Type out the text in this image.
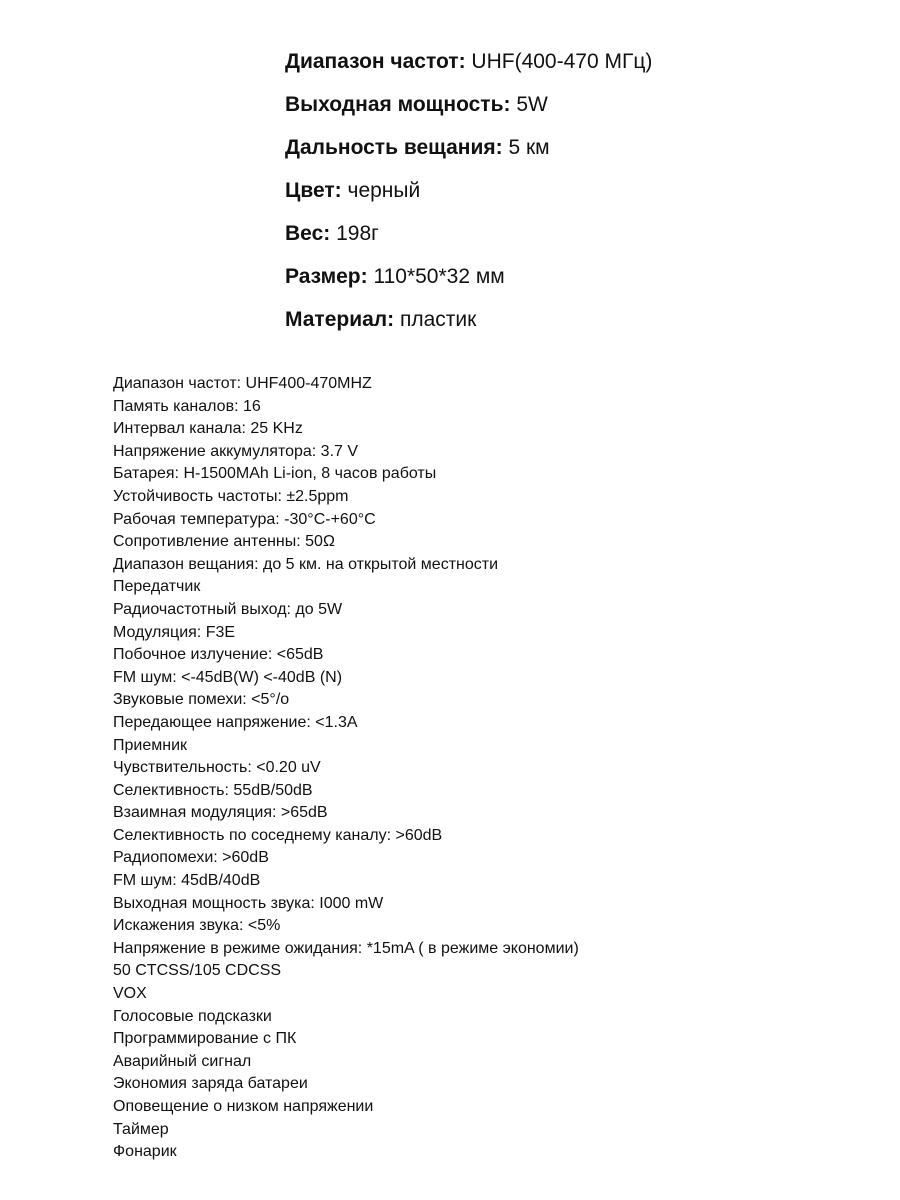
Диапазон частот: UHF(400-470 МГц)
Выходная мощность: 5W
Дальность вещания: 5 км
Цвет: черный
Вес: 198г
Размер: 110*50*32 мм
Материал: пластик
Диапазон частот: UHF400-470MHZ
Память каналов: 16
Интервал канала: 25 KHz
Напряжение аккумулятора: 3.7 V
Батарея: H-1500MAh Li-ion, 8 часов работы
Устойчивость частоты: ±2.5ppm
Рабочая температура: -30°C-+60°C
Сопротивление антенны: 50Ω
Диапазон вещания: до 5 км. на открытой местности
Передатчик
Радиочастотный выход: до 5W
Модуляция: F3E
Побочное излучение: <65dB
FM шум: <-45dB(W) <-40dB (N)
Звуковые помехи: <5°/o
Передающее напряжение: <1.3A
Приемник
Чувствительность: <0.20 uV
Селективность: 55dB/50dB
Взаимная модуляция: >65dB
Селективность по соседнему каналу: >60dB
Радиопомехи: >60dB
FM шум: 45dB/40dB
Выходная мощность звука: I000 mW
Искажения звука: <5%
Напряжение в режиме ожидания: *15mA ( в режиме экономии)
50 CTCSS/105 CDCSS
VOX
Голосовые подсказки
Программирование с ПК
Аварийный сигнал
Экономия заряда батареи
Оповещение о низком напряжении
Таймер
Фонарик
